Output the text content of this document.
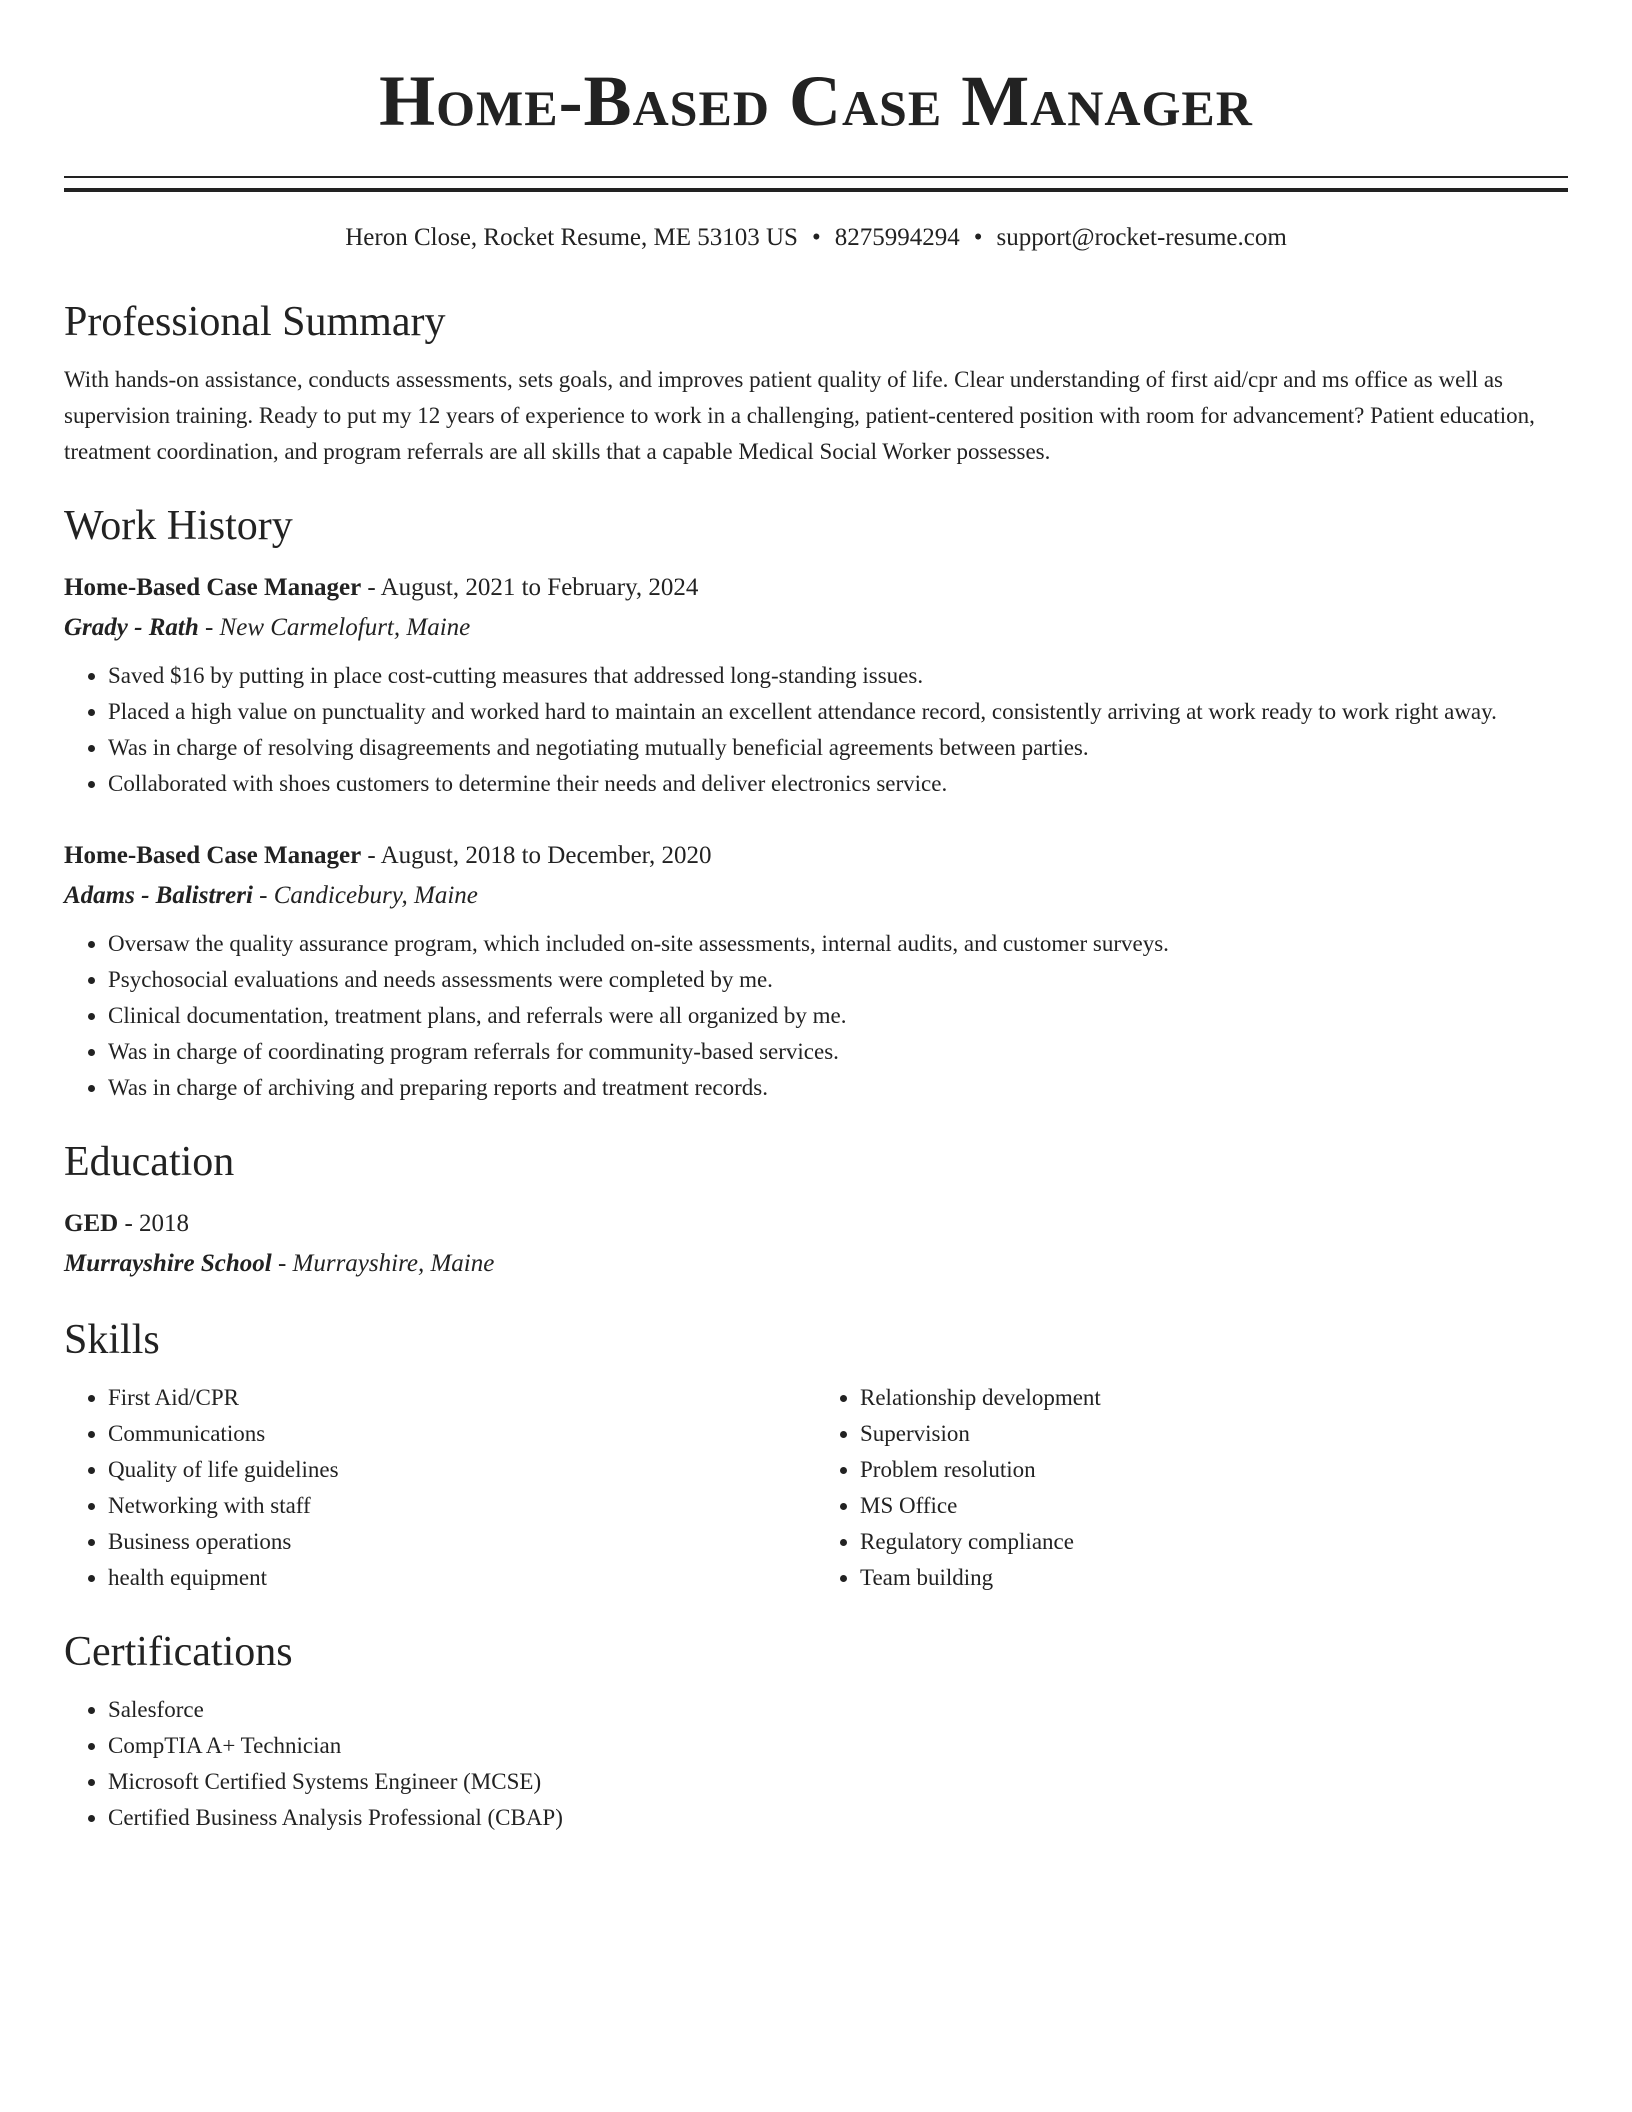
Home-Based Case Manager
Heron Close, Rocket Resume, ME 53103 US • 8275994294 • support@rocket-resume.com
Professional Summary

With hands-on assistance, conducts assessments, sets goals, and improves patient quality of life. Clear understanding of first aid/cpr and ms office as well as supervision training. Ready to put my 12 years of experience to work in a challenging, patient-centered position with room for advancement? Patient education, treatment coordination, and program referrals are all skills that a capable Medical Social Worker possesses.

Work History
Home-Based Case Manager - August, 2021 to February, 2024
Grady - Rath - New Carmelofurt, Maine
• Saved $16 by putting in place cost-cutting measures that addressed long-standing issues.
• Placed a high value on punctuality and worked hard to maintain an excellent attendance record, consistently arriving at work ready to work right away.
• Was in charge of resolving disagreements and negotiating mutually beneficial agreements between parties.
• Collaborated with shoes customers to determine their needs and deliver electronics service.
Home-Based Case Manager - August, 2018 to December, 2020
Adams - Balistreri - Candicebury, Maine
• Oversaw the quality assurance program, which included on-site assessments, internal audits, and customer surveys.
• Psychosocial evaluations and needs assessments were completed by me.
• Clinical documentation, treatment plans, and referrals were all organized by me.
• Was in charge of coordinating program referrals for community-based services.
• Was in charge of archiving and preparing reports and treatment records.
Education
GED - 2018
Murrayshire School - Murrayshire, Maine
Skills
• First Aid/CPR
• Communications
• Quality of life guidelines
• Networking with staff
• Business operations
• health equipment
• Relationship development
• Supervision
• Problem resolution
• MS Office
• Regulatory compliance
• Team building
Certifications
• Salesforce
• CompTIA A+ Technician
• Microsoft Certified Systems Engineer (MCSE)
• Certified Business Analysis Professional (CBAP)
